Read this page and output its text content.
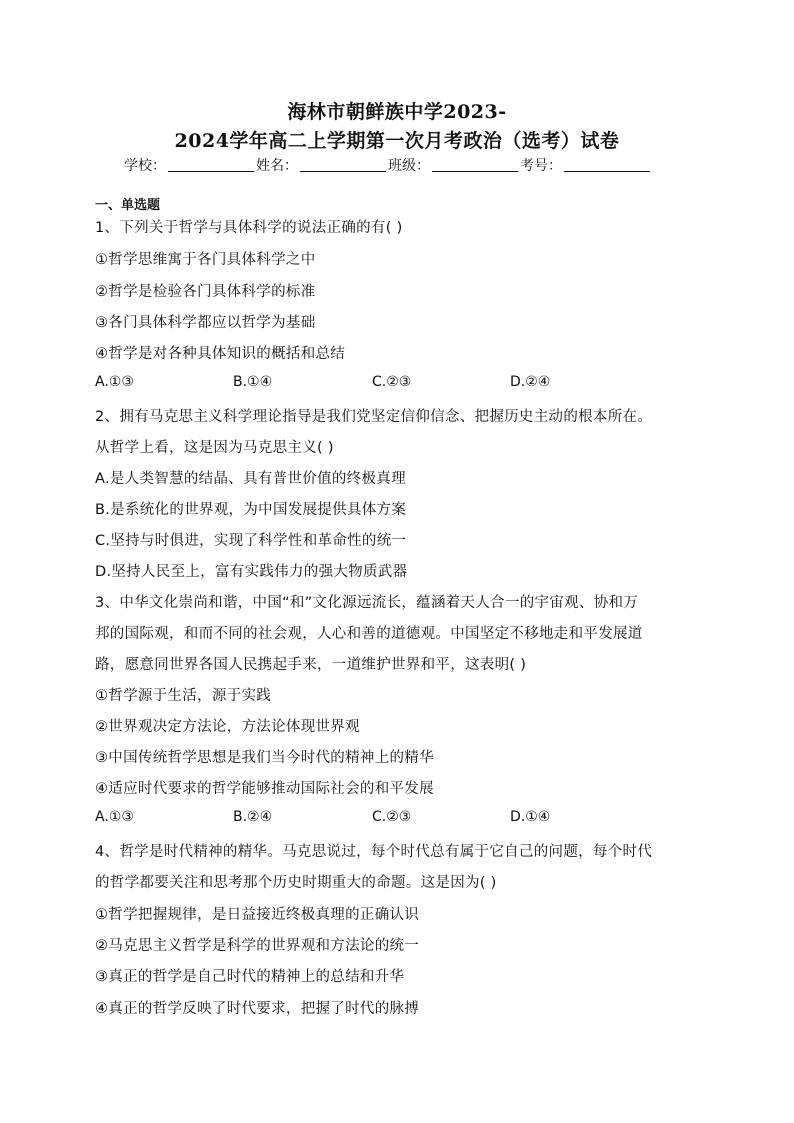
海林市朝鲜族中学2023-
2024学年高二上学期第一次月考政治（选考）试卷
学校：	姓名：	班级：	考号：
一、单选题
1、下列关于哲学与具体科学的说法正确的有( )
①哲学思维寓于各门具体科学之中
②哲学是检验各门具体科学的标准
③各门具体科学都应以哲学为基础
④哲学是对各种具体知识的概括和总结
A.①③	B.①④	C.②③	D.②④
2、拥有马克思主义科学理论指导是我们党坚定信仰信念、把握历史主动的根本所在。
从哲学上看，这是因为马克思主义( )
A.是人类智慧的结晶、具有普世价值的终极真理
B.是系统化的世界观，为中国发展提供具体方案
C.坚持与时俱进，实现了科学性和革命性的统一
D.坚持人民至上，富有实践伟力的强大物质武器
3、中华文化崇尚和谐，中国“和”文化源远流长，蕴涵着天人合一的宇宙观、协和万
邦的国际观，和而不同的社会观，人心和善的道德观。中国坚定不移地走和平发展道
路，愿意同世界各国人民携起手来，一道维护世界和平，这表明( )
①哲学源于生活，源于实践
②世界观决定方法论，方法论体现世界观
③中国传统哲学思想是我们当今时代的精神上的精华
④适应时代要求的哲学能够推动国际社会的和平发展
A.①③	B.②④	C.②③	D.①④
4、哲学是时代精神的精华。马克思说过，每个时代总有属于它自己的问题，每个时代
的哲学都要关注和思考那个历史时期重大的命题。这是因为( )
①哲学把握规律，是日益接近终极真理的正确认识
②马克思主义哲学是科学的世界观和方法论的统一
③真正的哲学是自己时代的精神上的总结和升华
④真正的哲学反映了时代要求，把握了时代的脉搏
